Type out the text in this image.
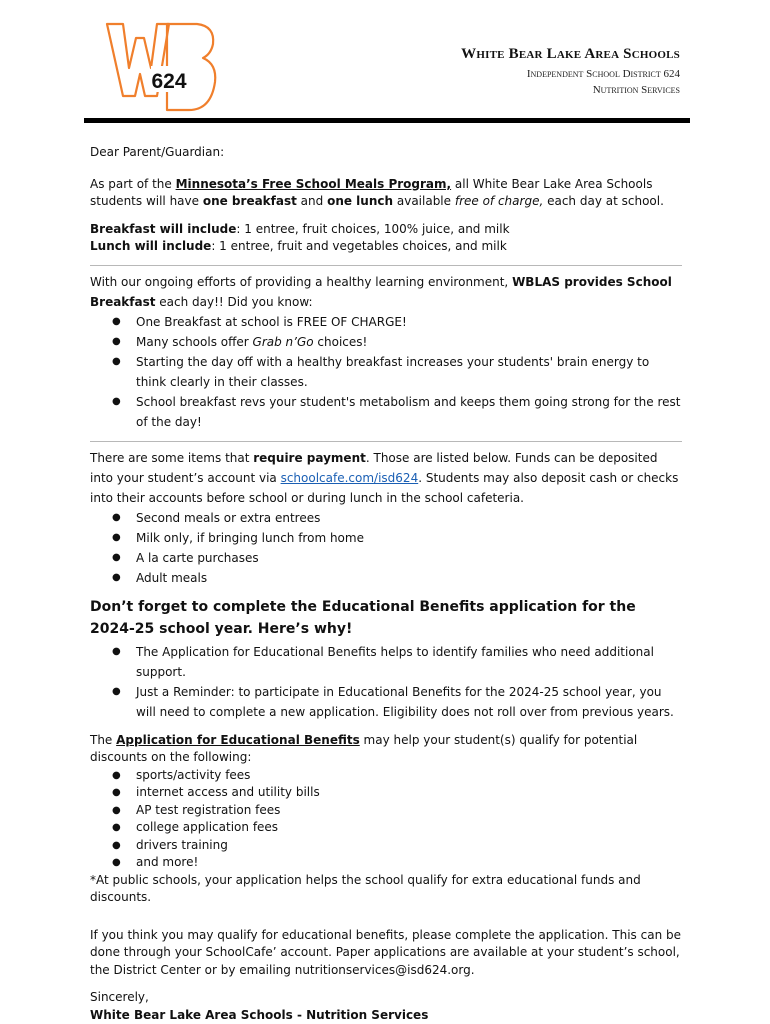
624
White Bear Lake Area Schools
Independent School District 624
Nutrition Services

Dear Parent/Guardian:

As part of the Minnesota’s Free School Meals Program, all White Bear Lake Area Schools students will have one breakfast and one lunch available free of charge, each day at school.

Breakfast will include: 1 entree, fruit choices, 100% juice, and milk

Lunch will include: 1 entree, fruit and vegetables choices, and milk

With our ongoing efforts of providing a healthy learning environment, WBLAS provides School Breakfast each day!! Did you know:

● One Breakfast at school is FREE OF CHARGE!
● Many schools offer Grab n’Go choices!
● Starting the day off with a healthy breakfast increases your students' brain energy to think clearly in their classes.
● School breakfast revs your student's metabolism and keeps them going strong for the rest of the day!

There are some items that require payment. Those are listed below. Funds can be deposited into your student’s account via schoolcafe.com/isd624. Students may also deposit cash or checks into their accounts before school or during lunch in the school cafeteria.

● Second meals or extra entrees
● Milk only, if bringing lunch from home
● A la carte purchases
● Adult meals

Don’t forget to complete the Educational Benefits application for the 2024-25 school year. Here’s why!

● The Application for Educational Benefits helps to identify families who need additional support.
● Just a Reminder: to participate in Educational Benefits for the 2024-25 school year, you will need to complete a new application. Eligibility does not roll over from previous years.

The Application for Educational Benefits may help your student(s) qualify for potential discounts on the following:

● sports/activity fees
● internet access and utility bills
● AP test registration fees
● college application fees
● drivers training
● and more!

*At public schools, your application helps the school qualify for extra educational funds and discounts.

If you think you may qualify for educational benefits, please complete the application. This can be done through your SchoolCafe’ account. Paper applications are available at your student’s school, the District Center or by emailing nutritionservices@isd624.org.

Sincerely,

White Bear Lake Area Schools - Nutrition Services
